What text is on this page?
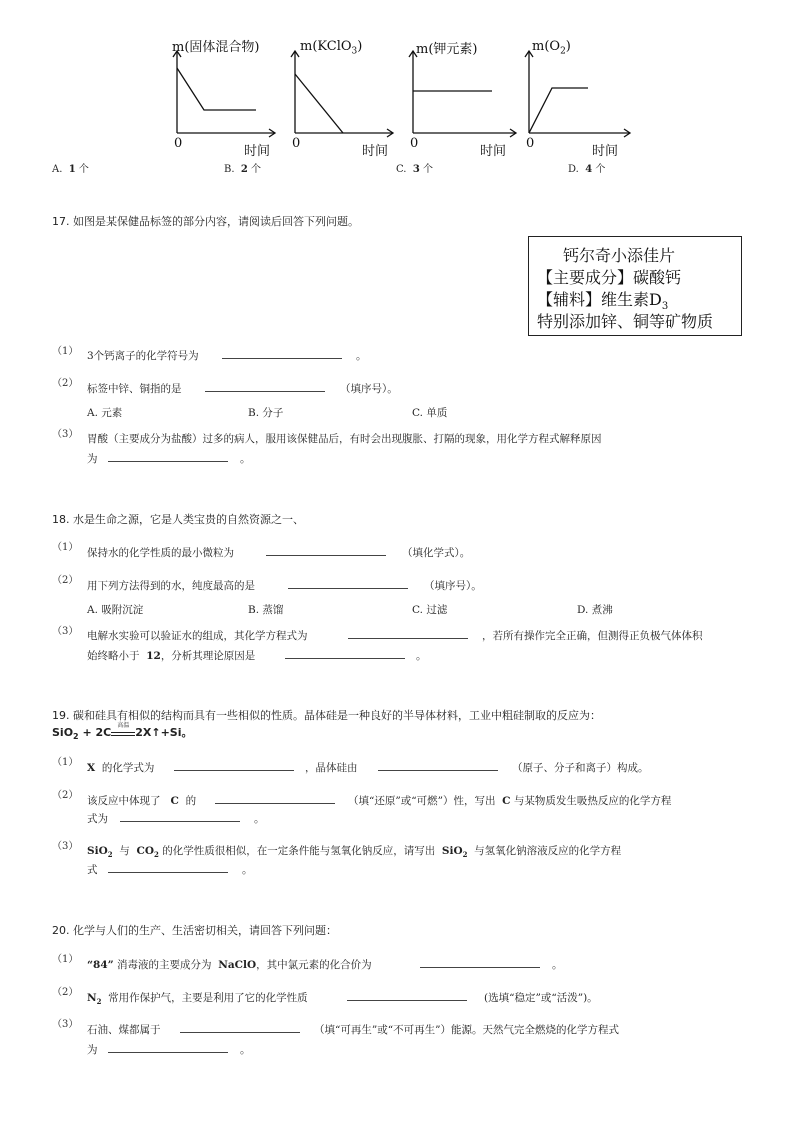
m(固体混合物)
0
时间
m(KClO$_3$)
0
时间
m(钾元素)
0
时间
$m(O_2)$
0
时间
A. 1 个	B. 2 个	C. 3 个	D. 4 个
17. 如图是某保健品标签的部分内容，请阅读后回答下列问题。
钙尔奇小添佳片
【主要成分】碳酸钙
【辅料】维生素$D_3$
特别添加锌、铜等矿物质
（1） 3个钙离子的化学符号为	。
（2） 标签中锌、铜指的是	（填序号）。
A. 元素	B. 分子	C. 单质
（3） 胃酸（主要成分为盐酸）过多的病人，服用该保健品后，有时会出现腹胀、打隔的现象，用化学方程式解释原因
为	。
18. 水是生命之源，它是人类宝贵的自然资源之一、
（1） 保持水的化学性质的最小微粒为	（填化学式）。
（2） 用下列方法得到的水，纯度最高的是	（填序号）。
A. 吸附沉淀	B. 蒸馏	C. 过滤	D. 煮沸
（3） 电解水实验可以验证水的组成，其化学方程式为	，若所有操作完全正确，但测得正负极气体体积
始终略小于 12，分析其理论原因是	。
19. 碳和硅具有相似的结构而具有一些相似的性质。晶体硅是一种良好的半导体材料，工业中粗硅制取的反应为：
SiO$_2$ + 2C
高温
2X↑+Si。
（1） X 的化学式为	，晶体硅由	（原子、分子和离子）构成。
（2） 该反应中体现了 C 的	（填“还原”或“可燃”）性，写出 C 与某物质发生吸热反应的化学方程
式为	。
（3） SiO$_2$ 与 $CO_2$ 的化学性质很相似，在一定条件能与氢氧化钠反应，请写出 SiO$_2$ 与氢氧化钠溶液反应的化学方程
式	。
20. 化学与人们的生产、生活密切相关，请回答下列问题：
（1） “84” 消毒液的主要成分为 NaClO，其中氯元素的化合价为	。
（2） $N_2$ 常用作保护气，主要是利用了它的化学性质	(选填“稳定”或“活泼”)。
（3） 石油、煤都属于	（填“可再生”或“不可再生”）能源。天然气完全燃烧的化学方程式
为	。
